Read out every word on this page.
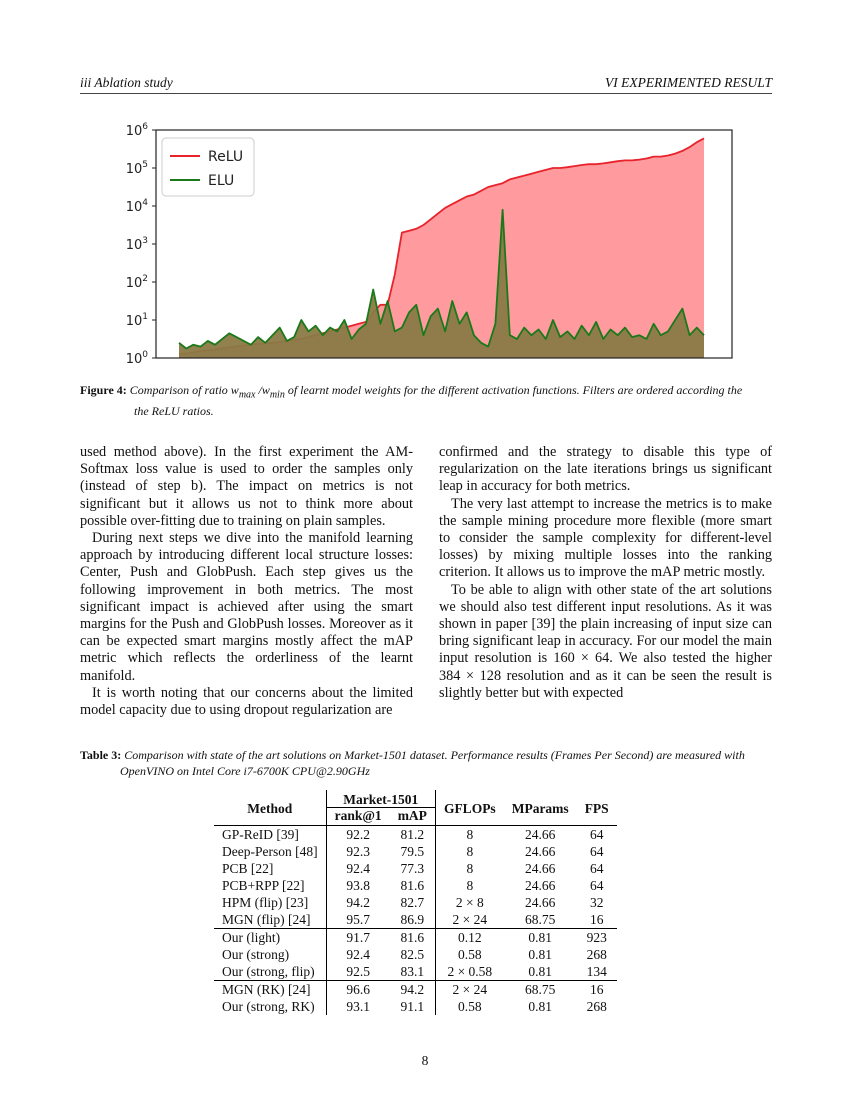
iii Ablation study	VI EXPERIMENTED RESULT
$10^0$
$10^1$
$10^2$
$10^3$
$10^4$
$10^5$
$10^6$
ReLU
ELU
Figure 4: Comparison of ratio $w_{max}$ $/w_{min}$ of learnt model weights for the different activation functions. Filters are ordered according the
the ReLU ratios.

used method above). In the first experiment the AM-Softmax loss value is used to order the samples only (instead of step b). The impact on metrics is not significant but it allows us not to think more about possible over-fitting due to training on plain samples.

During next steps we dive into the manifold learning approach by introducing different local structure losses: Center, Push and GlobPush. Each step gives us the following improvement in both metrics. The most significant impact is achieved after using the smart margins for the Push and GlobPush losses. Moreover as it can be expected smart margins mostly affect the mAP metric which reflects the orderliness of the learnt manifold.

It is worth noting that our concerns about the limited model capacity due to using dropout regularization are

confirmed and the strategy to disable this type of regularization on the late iterations brings us significant leap in accuracy for both metrics.

The very last attempt to increase the metrics is to make the sample mining procedure more flexible (more smart to consider the sample complexity for different-level losses) by mixing multiple losses into the ranking criterion. It allows us to improve the mAP metric mostly.

To be able to align with other state of the art solutions we should also test different input resolutions. As it was shown in paper [39] the plain increasing of input size can bring significant leap in accuracy. For our model the main input resolution is 160 × 64. We also tested the higher 384 × 128 resolution and as it can be seen the result is slightly better but with expected

Table 3: Comparison with state of the art solutions on Market-1501 dataset. Performance results (Frames Per Second) are measured with
OpenVINO on Intel Core i7-6700K CPU@2.90GHz
Method	Market-1501		GFLOPs	MParams	FPS
	rank@1	mAP			
GP-ReID [39]	92.2	81.2	8	24.66	64
Deep-Person [48]	92.3	79.5	8	24.66	64
PCB [22]	92.4	77.3	8	24.66	64
PCB+RPP [22]	93.8	81.6	8	24.66	64
HPM (flip) [23]	94.2	82.7	2 × 8	24.66	32
MGN (flip) [24]	95.7	86.9	2 × 24	68.75	16
Our (light)	91.7	81.6	0.12	0.81	923
Our (strong)	92.4	82.5	0.58	0.81	268
Our (strong, flip)	92.5	83.1	2 × 0.58	0.81	134
MGN (RK) [24]	96.6	94.2	2 × 24	68.75	16
Our (strong, RK)	93.1	91.1	0.58	0.81	268
8
